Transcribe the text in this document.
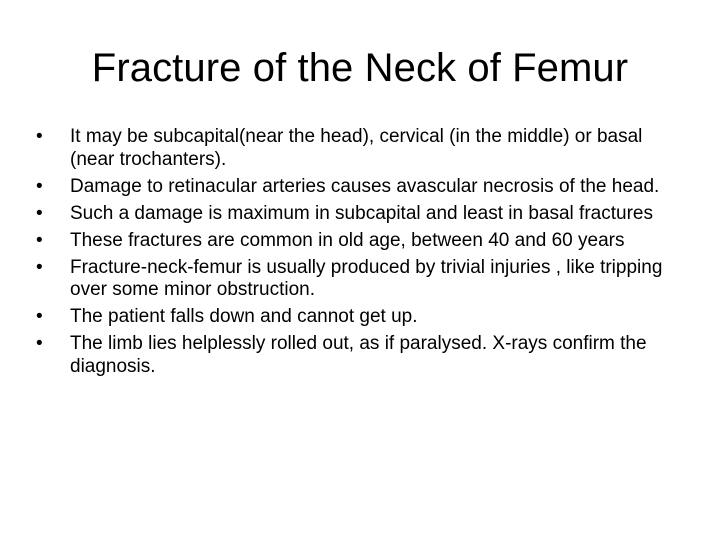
Fracture of the Neck of Femur
•	It may be subcapital(near the head), cervical (in the middle) or basal (near trochanters).
•	Damage to retinacular arteries causes avascular necrosis of the head.
•	Such a damage is maximum in subcapital and least in basal fractures
•	These fractures are common in old age, between 40 and 60 years
•	Fracture-neck-femur is usually produced by trivial injuries , like tripping over some minor obstruction.
•	The patient falls down and cannot get up.
•	The limb lies helplessly rolled out, as if paralysed. X-rays confirm the diagnosis.
